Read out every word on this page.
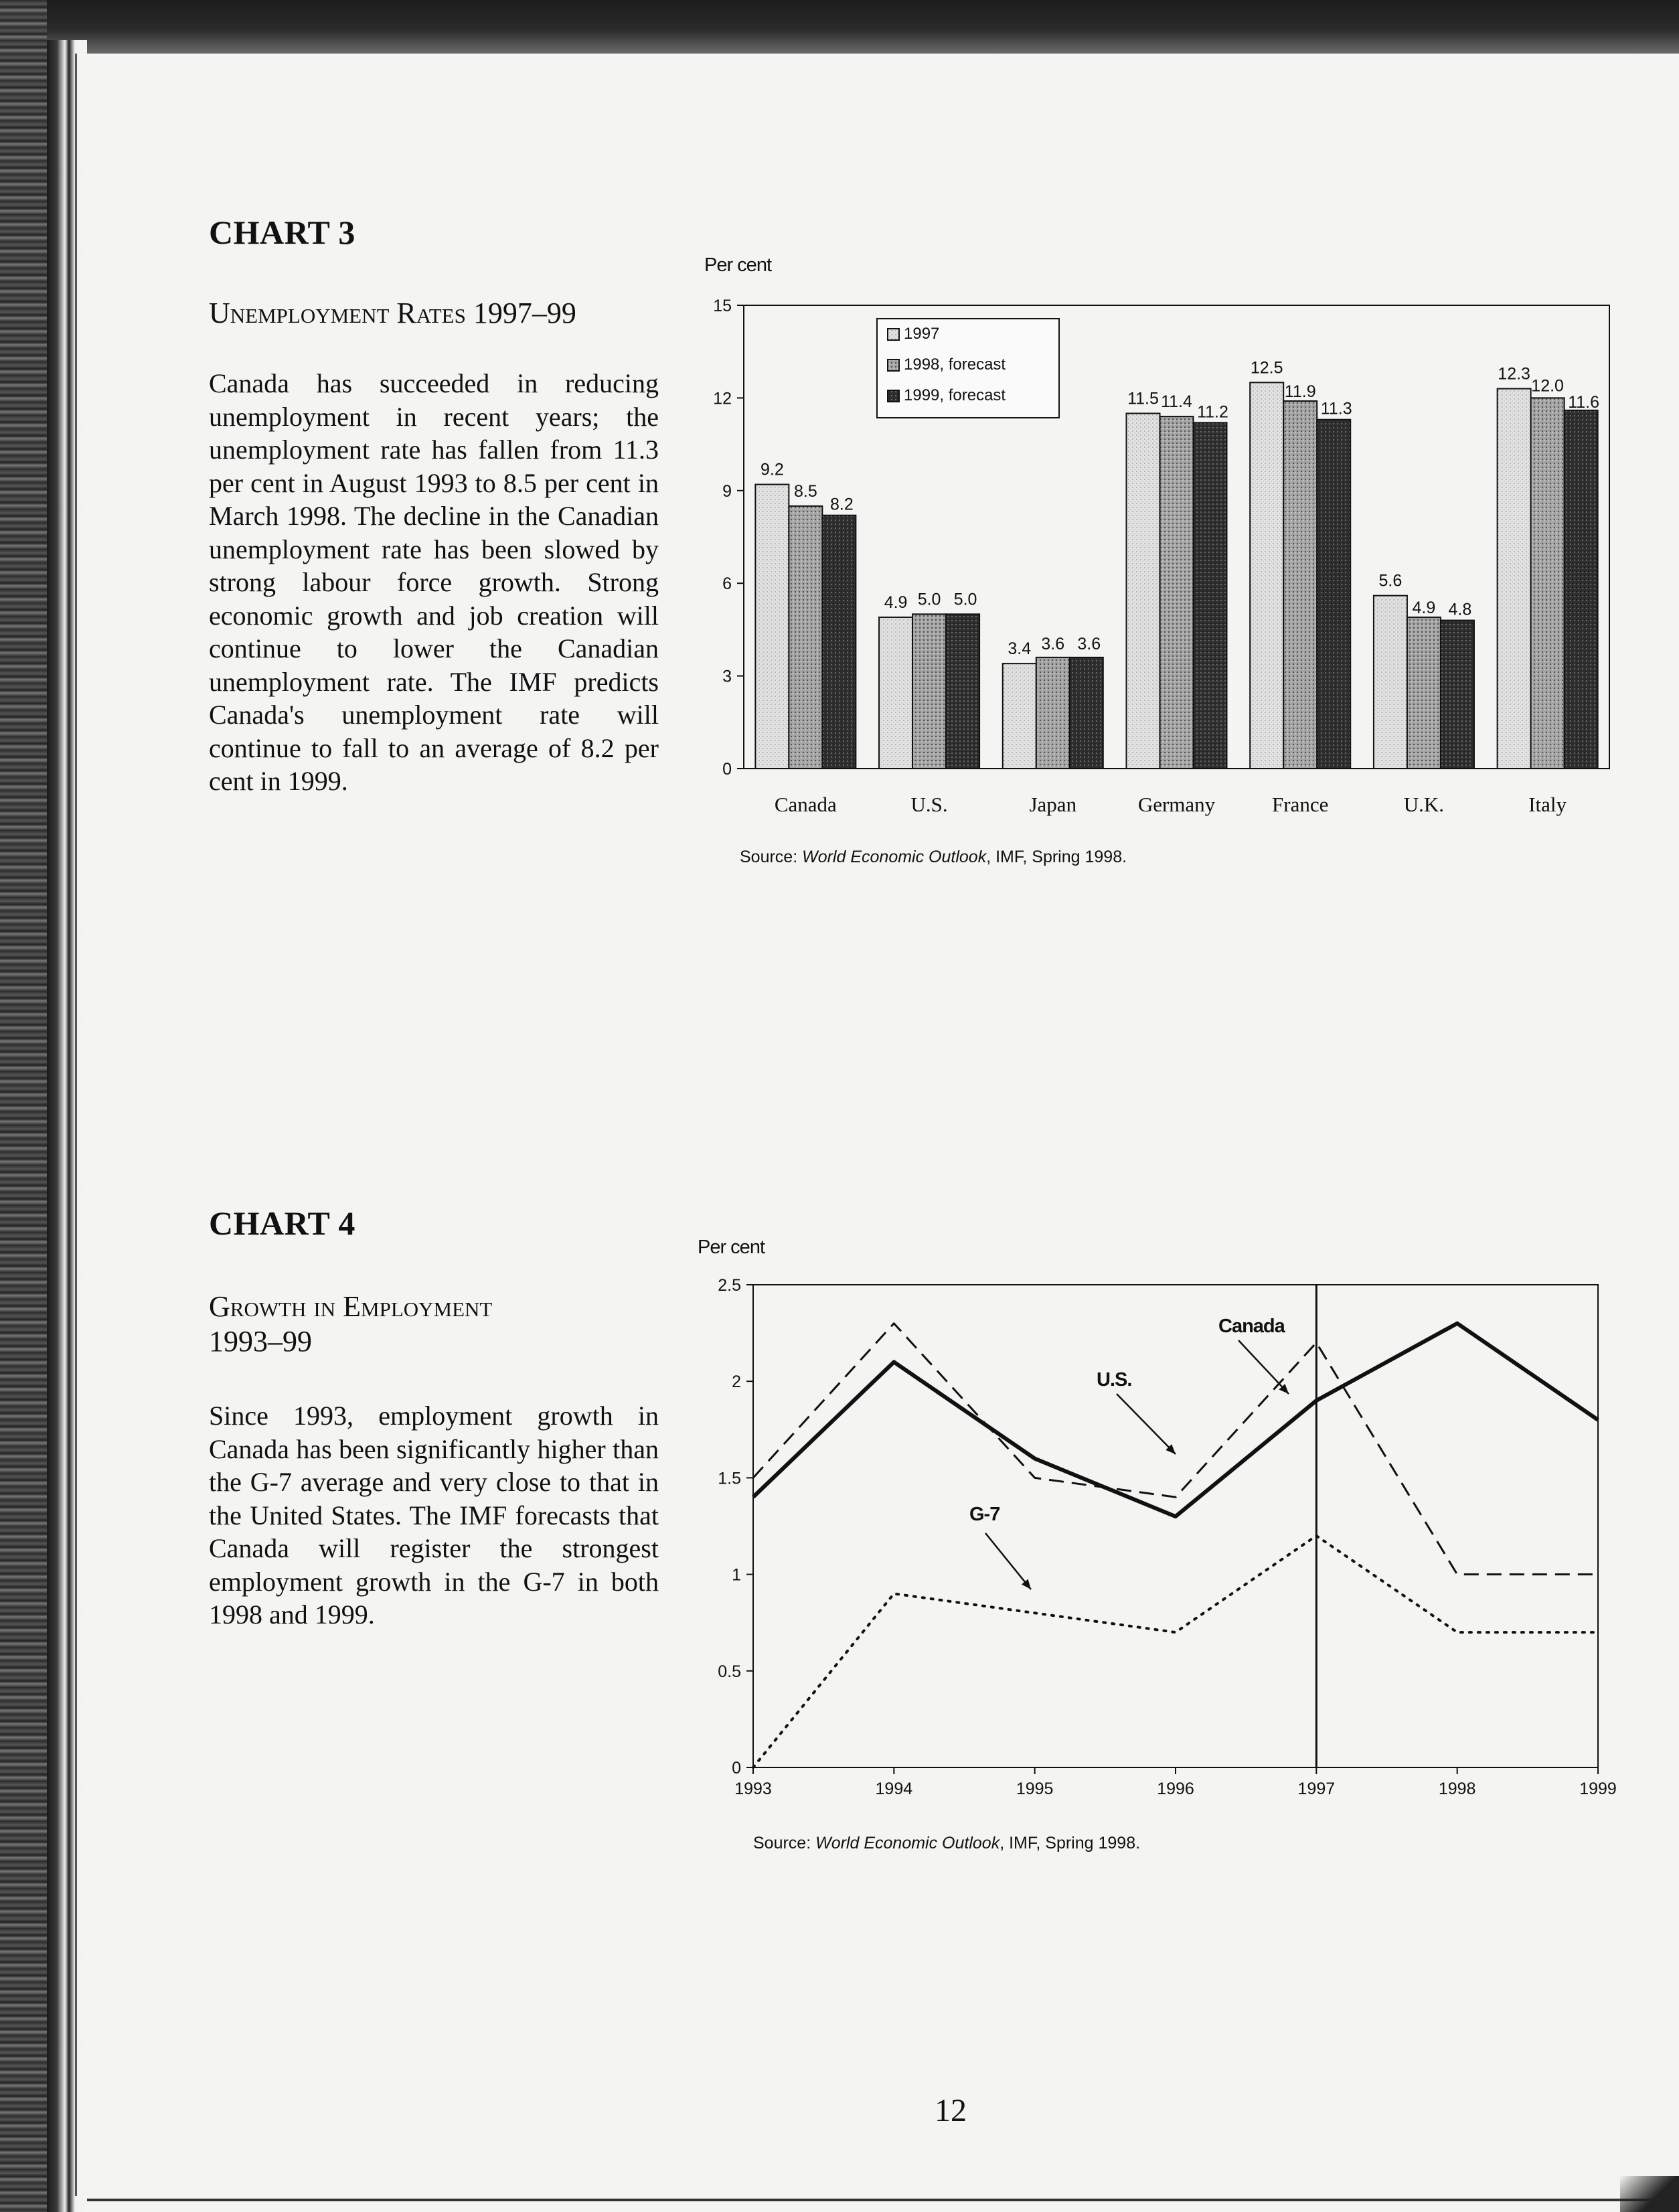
CHART 3
Unemployment Rates 1997–99
Canada has succeeded in reducing unemployment in recent years; the unemployment rate has fallen from 11.3 per cent in August 1993 to 8.5 per cent in March 1998. The decline in the Canadian unemployment rate has been slowed by strong labour force growth. Strong economic growth and job creation will continue to lower the Canadian unemployment rate. The IMF predicts Canada's unemployment rate will continue to fall to an average of 8.2 per cent in 1999.
CHART 4
Growth in Employment
1993–99
Since 1993, employment growth in Canada has been significantly higher than the G-7 average and very close to that in the United States. The IMF forecasts that Canada will register the strongest employment growth in the G-7 in both 1998 and 1999.
Per cent
0
3
6
9
12
15
9.2
8.5
8.2
4.9 5.0 5.0
3.4 3.6 3.6
11.5 11.4
11.2
12.5
11.9
11.3
5.6
4.9 4.8
12.3
12.0
11.6
Canada	U.S.	Japan	Germany	France	U.K.	Italy
1997
1998, forecast
1999, forecast
Source: World Economic Outlook, IMF, Spring 1998.
Per cent
0
0.5
1
1.5
2
2.5
1993	1994	1995	1996	1997	1998	1999
Canada
U.S.
G-7
Source: World Economic Outlook, IMF, Spring 1998.
12
